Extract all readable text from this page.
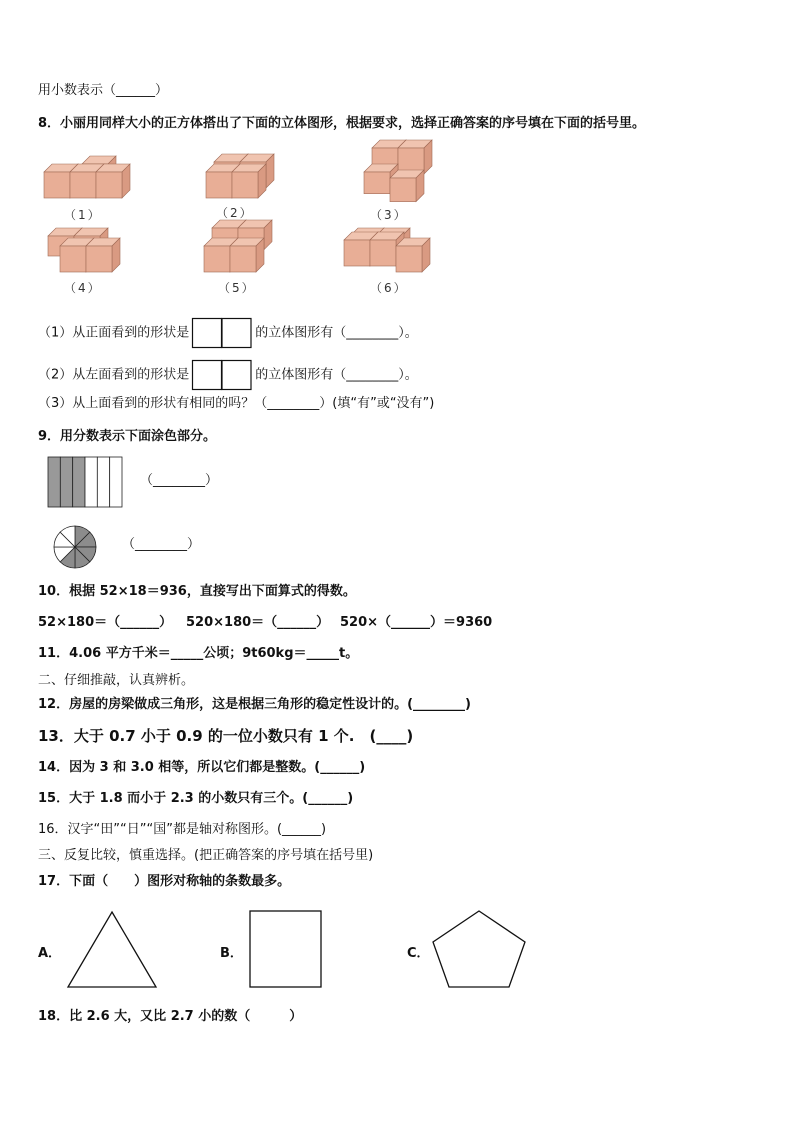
用小数表示（______）
8．小丽用同样大小的正方体搭出了下面的立体图形，根据要求，选择正确答案的序号填在下面的括号里。
（1）	（2）	（3）
（4）	（5）	（6）
（1）从正面看到的形状是	的立体图形有（________）。
（2）从左面看到的形状是	的立体图形有（________）。
（3）从上面看到的形状有相同的吗？（________）(填“有”或“没有”)
9．用分数表示下面涂色部分。
（________）
（________）
10．根据 52×18＝936，直接写出下面算式的得数。
52×180＝（______） 520×180＝（______） 520×（______）＝9360
11．4.06 平方千米＝_____公顷；9t60kg＝_____t。
二、仔细推敲，认真辨析。
12．房屋的房梁做成三角形，这是根据三角形的稳定性设计的。(________)
13．大于 0.7 小于 0.9 的一位小数只有 1 个.　(____)
14．因为 3 和 3.0 相等，所以它们都是整数。(______)
15．大于 1.8 而小于 2.3 的小数只有三个。(______)
16．汉字“田”“日”“国”都是轴对称图形。(______)
三、反复比较，慎重选择。(把正确答案的序号填在括号里)
17．下面（　　）图形对称轴的条数最多。
A．	B．	C．
18．比 2.6 大，又比 2.7 小的数（　　　）
